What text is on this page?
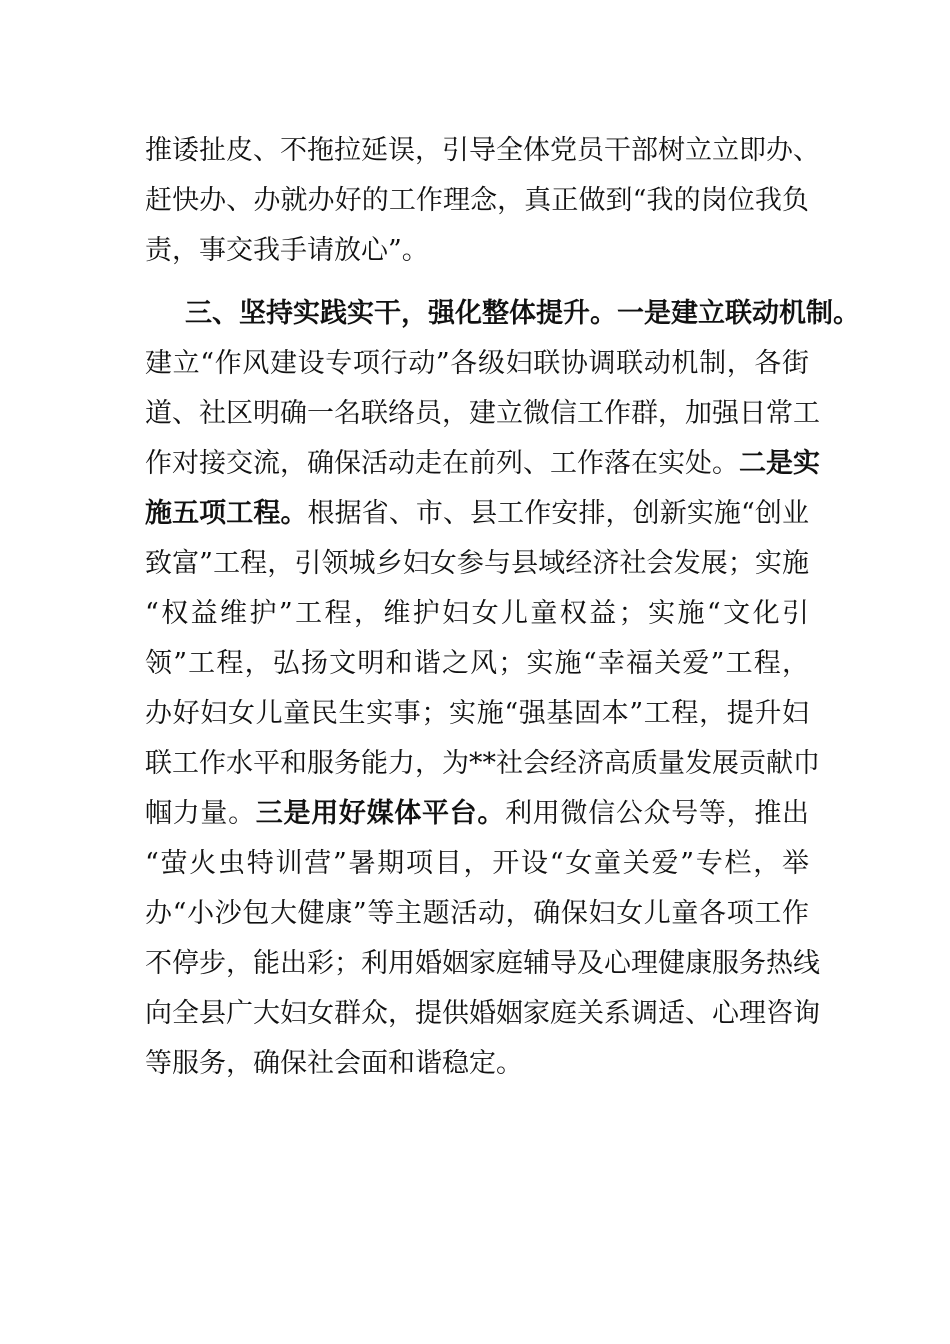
推诿扯皮、不拖拉延误，引导全体党员干部树立立即办、
赶快办、办就办好的工作理念，真正做到“我的岗位我负
责，事交我手请放心”。
三、坚持实践实干，强化整体提升。一是建立联动机制。
建立“作风建设专项行动”各级妇联协调联动机制，各街
道、社区明确一名联络员，建立微信工作群，加强日常工
作对接交流，确保活动走在前列、工作落在实处。二是实
施五项工程。根据省、市、县工作安排，创新实施“创业
致富”工程，引领城乡妇女参与县域经济社会发展；实施
“权益维护”工程，维护妇女儿童权益；实施“文化引
领”工程，弘扬文明和谐之风；实施“幸福关爱”工程，
办好妇女儿童民生实事；实施“强基固本”工程，提升妇
联工作水平和服务能力，为**社会经济高质量发展贡献巾
帼力量。三是用好媒体平台。利用微信公众号等，推出
“萤火虫特训营”暑期项目，开设“女童关爱”专栏，举
办“小沙包大健康”等主题活动，确保妇女儿童各项工作
不停步，能出彩；利用婚姻家庭辅导及心理健康服务热线
向全县广大妇女群众，提供婚姻家庭关系调适、心理咨询
等服务，确保社会面和谐稳定。
